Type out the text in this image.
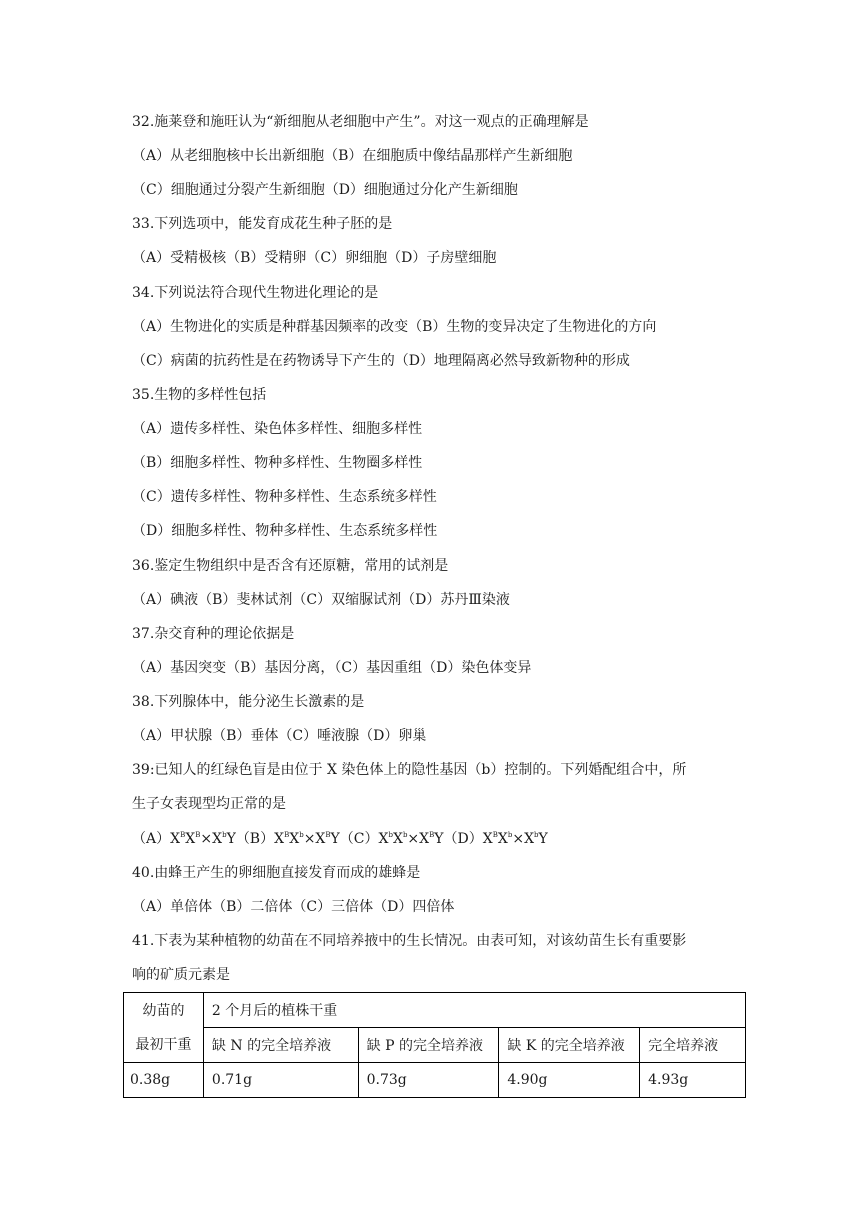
32.施莱登和施旺认为“新细胞从老细胞中产生”。对这一观点的正确理解是
（A）从老细胞核中长出新细胞（B）在细胞质中像结晶那样产生新细胞
（C）细胞通过分裂产生新细胞（D）细胞通过分化产生新细胞
33.下列选项中，能发育成花生种子胚的是
（A）受精极核（B）受精卵（C）卵细胞（D）子房壁细胞
34.下列说法符合现代生物进化理论的是
（A）生物进化的实质是种群基因频率的改变（B）生物的变异决定了生物进化的方向
（C）病菌的抗药性是在药物诱导下产生的（D）地理隔离必然导致新物种的形成
35.生物的多样性包括
（A）遗传多样性、染色体多样性、细胞多样性
（B）细胞多样性、物种多样性、生物圈多样性
（C）遗传多样性、物种多样性、生态系统多样性
（D）细胞多样性、物种多样性、生态系统多样性
36.鉴定生物组织中是否含有还原糖，常用的试剂是
（A）碘液（B）斐林试剂（C）双缩脲试剂（D）苏丹Ⅲ染液
37.杂交育种的理论依据是
（A）基因突变（B）基因分离，（C）基因重组（D）染色体变异
38.下列腺体中，能分泌生长激素的是
（A）甲状腺（B）垂体（C）唾液腺（D）卵巢
39:已知人的红绿色盲是由位于 X 染色体上的隐性基因（b）控制的。下列婚配组合中，所
生子女表现型均正常的是
$(A)X^BX^B\times X^bY(B)X^BX^b\times X^BY(C)X^bX^b\times X^BY(D)X^BX^b\times X^bY$
40.由蜂王产生的卵细胞直接发育而成的雄蜂是
（A）单倍体（B）二倍体（C）三倍体（D）四倍体
41.下表为某种植物的幼苗在不同培养掖中的生长情况。由表可知，对该幼苗生长有重要影
响的矿质元素是
幼苗的
最初干重	2 个月后的植株干重			
	缺 N 的完全培养液	缺 P 的完全培养液	缺 K 的完全培养液	完全培养液
0.38g	0.71g	0.73g	4.90g	4.93g
